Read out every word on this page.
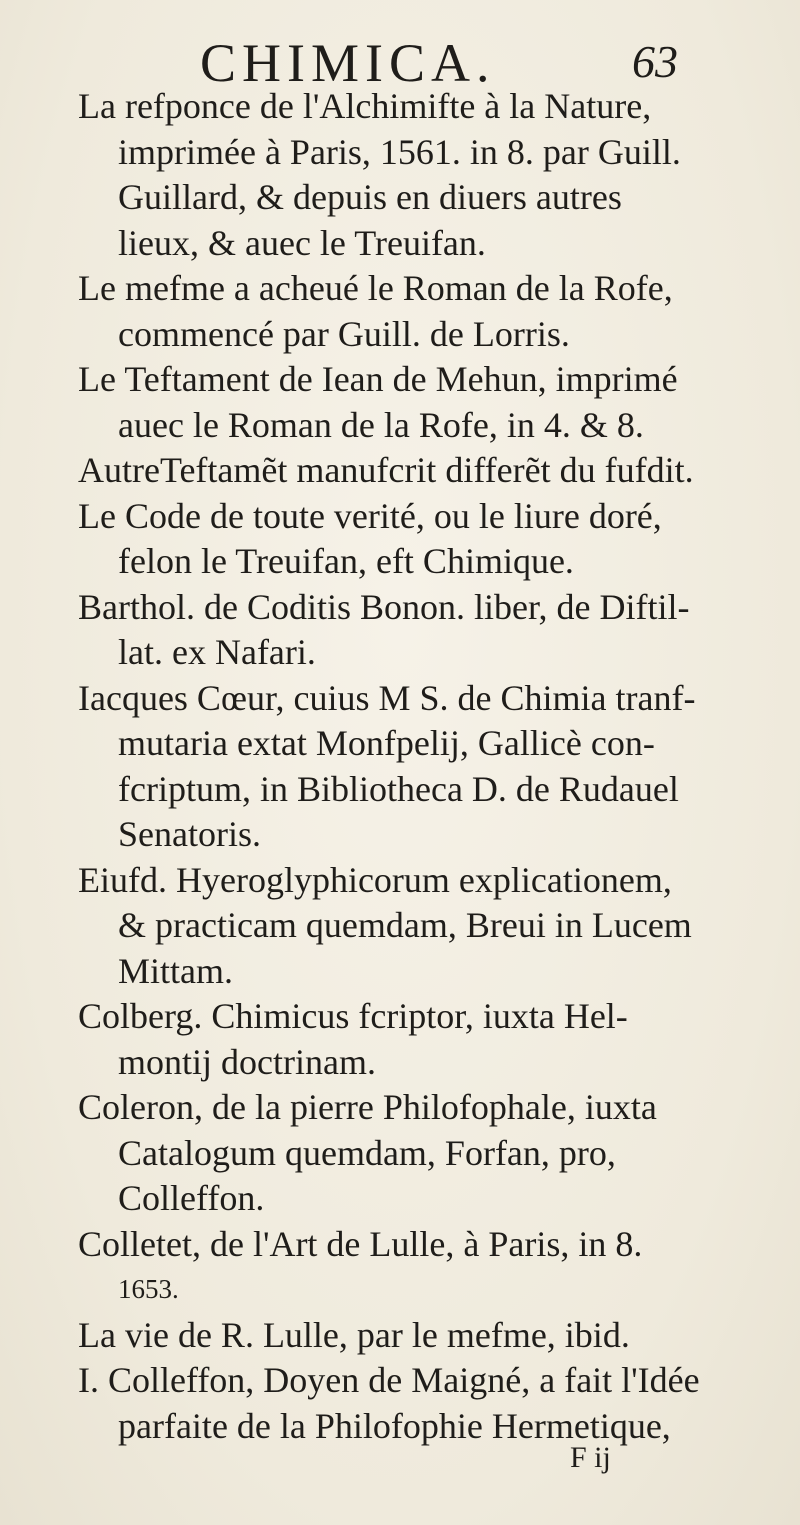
CHIMICA.	63

La refponce de l'Alchimifte à la Nature,
imprimée à Paris, 1561. in 8. par Guill.
Guillard, & depuis en diuers autres
lieux, & auec le Treuifan.

Le mefme a acheué le Roman de la Rofe,
commencé par Guill. de Lorris.

Le Teftament de Iean de Mehun, imprimé
auec le Roman de la Rofe, in 4. & 8.

AutreTeftamẽt manufcrit differẽt du fufdit.

Le Code de toute verité, ou le liure doré,
felon le Treuifan, eft Chimique.

Barthol. de Coditis Bonon. liber, de Diftil-
lat. ex Nafari.

Iacques Cœur, cuius M S. de Chimia tranf-
mutaria extat Monfpelij, Gallicè con-
fcriptum, in Bibliotheca D. de Rudauel
Senatoris.

Eiufd. Hyeroglyphicorum explicationem,
& practicam quemdam, Breui in Lucem
Mittam.

Colberg. Chimicus fcriptor, iuxta Hel-
montij doctrinam.

Coleron, de la pierre Philofophale, iuxta
Catalogum quemdam, Forfan, pro,
Colleffon.

Colletet, de l'Art de Lulle, à Paris, in 8.
1653.

La vie de R. Lulle, par le mefme, ibid.

I. Colleffon, Doyen de Maigné, a fait l'Idée
parfaite de la Philofophie Hermetique,

F ij
